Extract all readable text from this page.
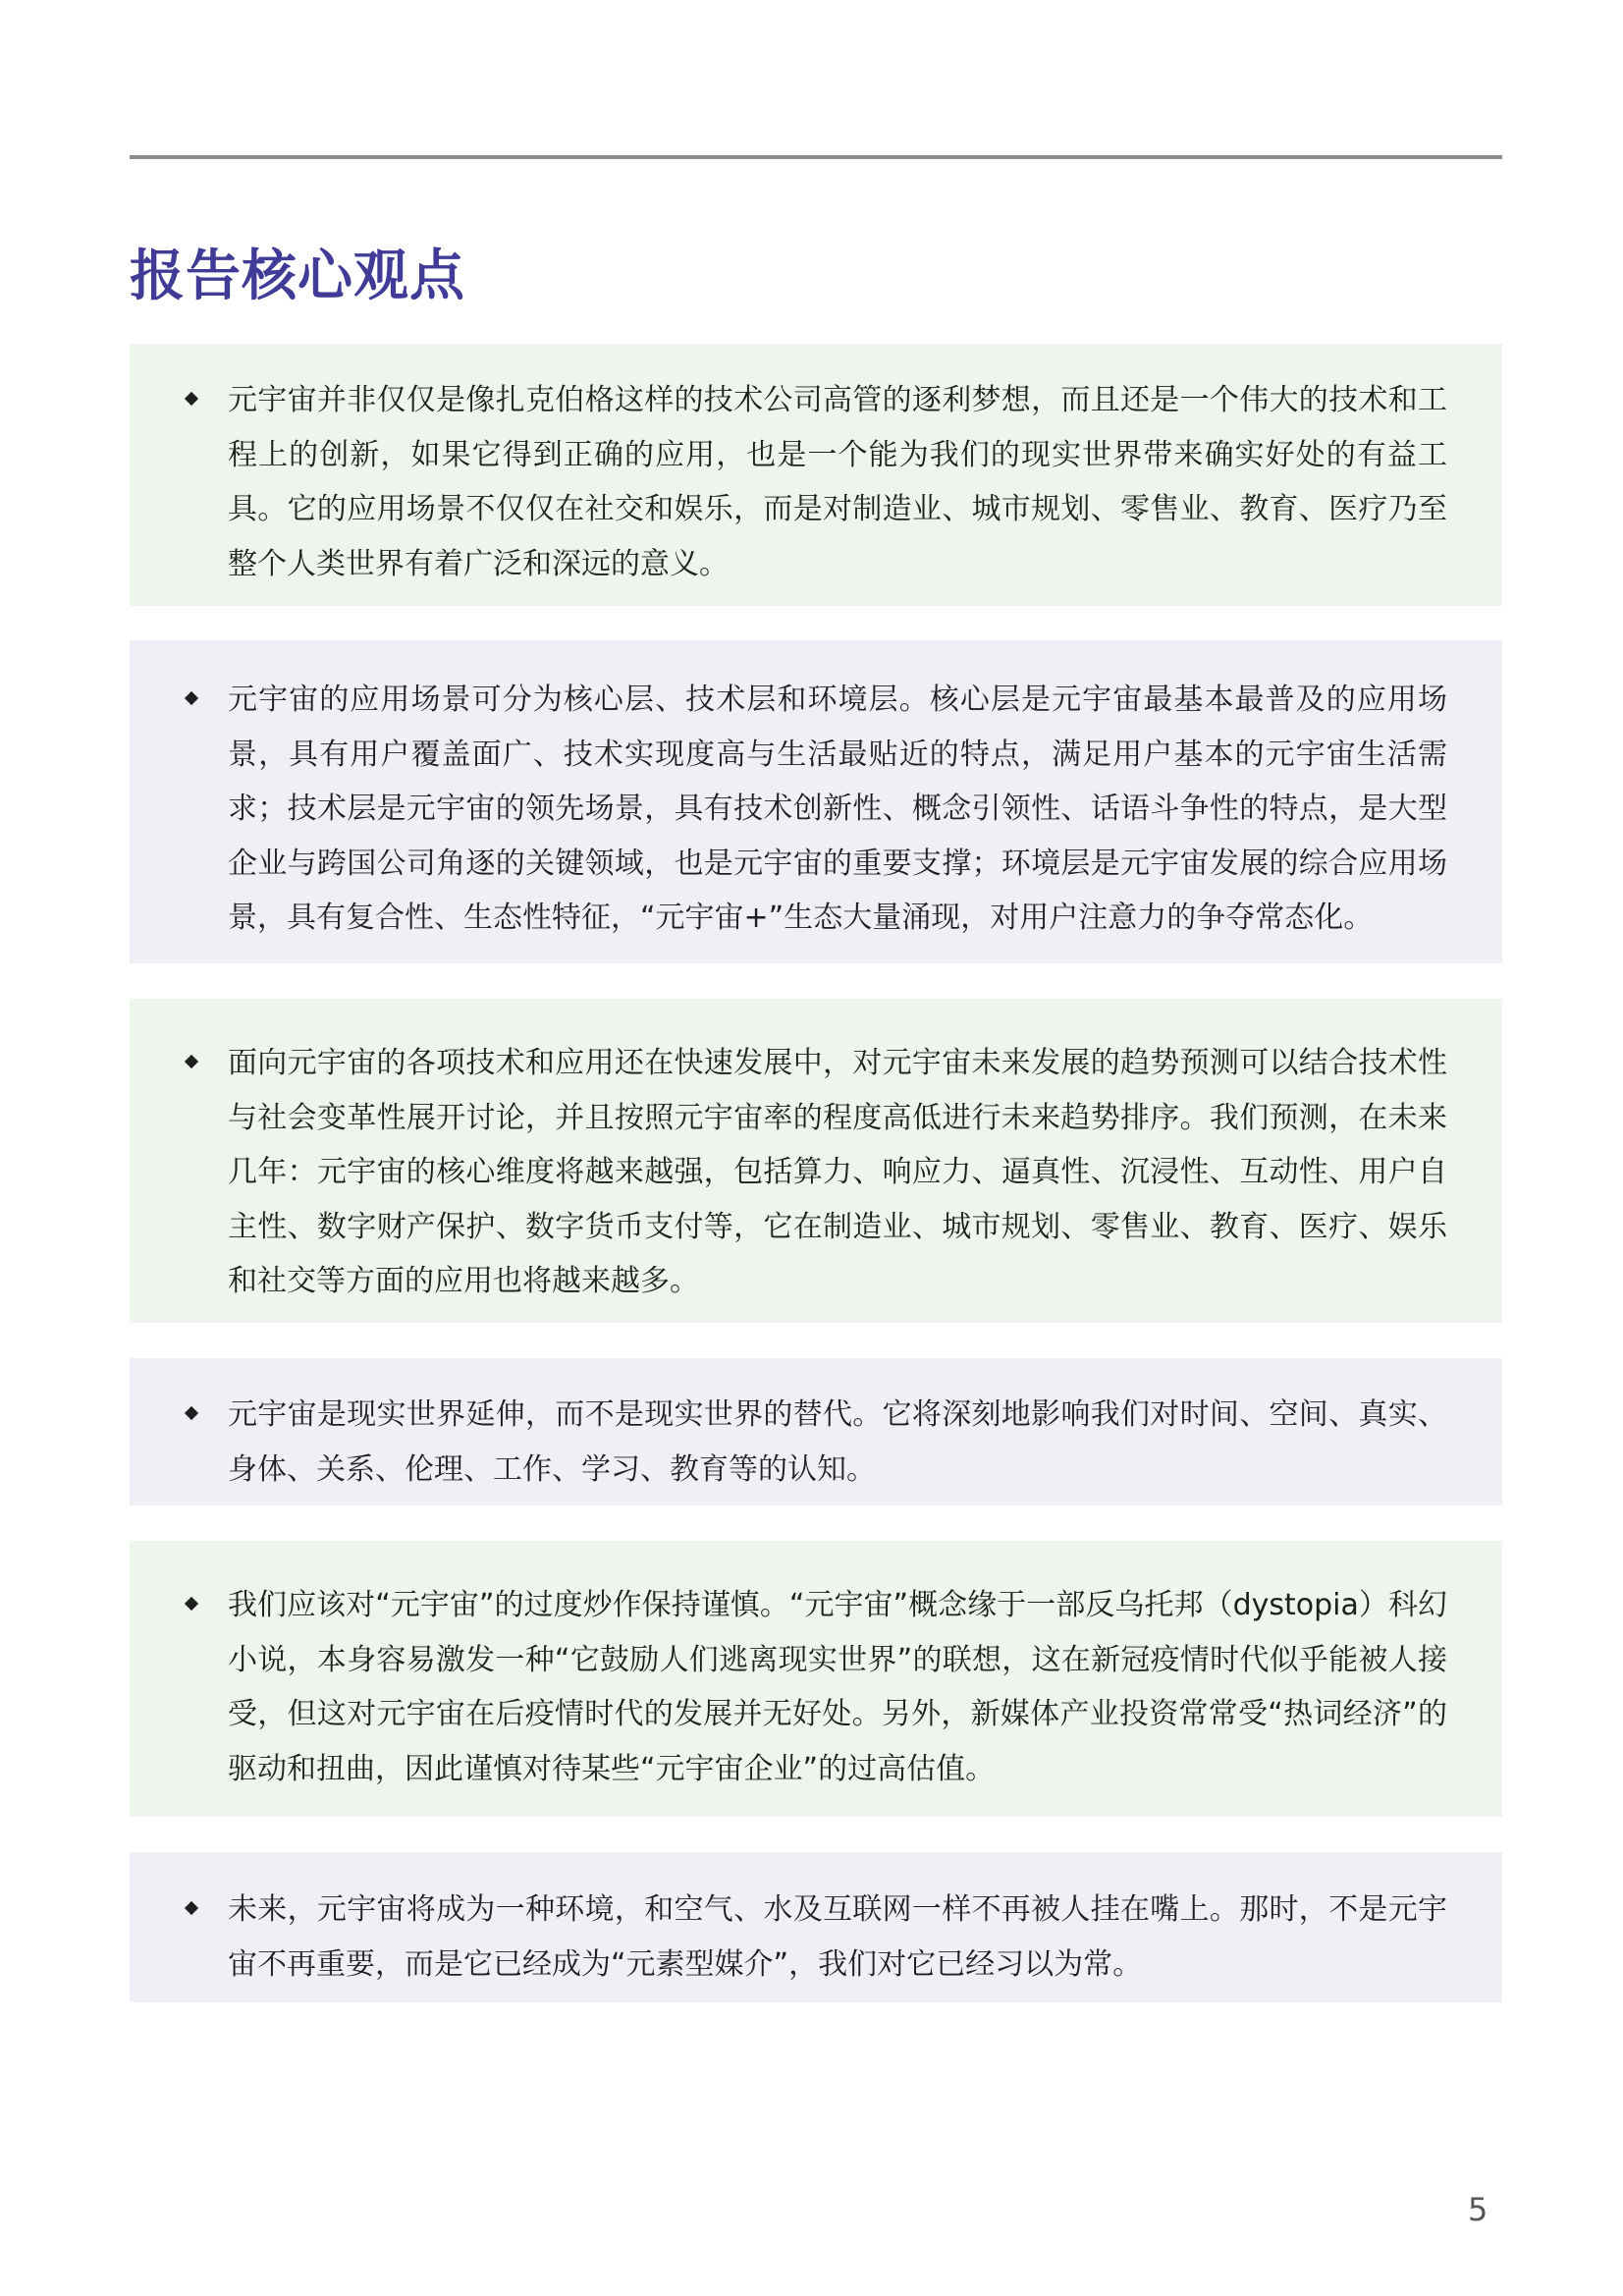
报告核心观点

元宇宙并非仅仅是像扎克伯格这样的技术公司高管的逐利梦想，而且还是一个伟大的技术和工程上的创新，如果它得到正确的应用，也是一个能为我们的现实世界带来确实好处的有益工具。它的应用场景不仅仅在社交和娱乐，而是对制造业、城市规划、零售业、教育、医疗乃至整个人类世界有着广泛和深远的意义。

元宇宙的应用场景可分为核心层、技术层和环境层。核心层是元宇宙最基本最普及的应用场景，具有用户覆盖面广、技术实现度高与生活最贴近的特点，满足用户基本的元宇宙生活需求；技术层是元宇宙的领先场景，具有技术创新性、概念引领性、话语斗争性的特点，是大型企业与跨国公司角逐的关键领域，也是元宇宙的重要支撑；环境层是元宇宙发展的综合应用场景，具有复合性、生态性特征，“元宇宙+”生态大量涌现，对用户注意力的争夺常态化。

面向元宇宙的各项技术和应用还在快速发展中，对元宇宙未来发展的趋势预测可以结合技术性与社会变革性展开讨论，并且按照元宇宙率的程度高低进行未来趋势排序。我们预测，在未来几年：元宇宙的核心维度将越来越强，包括算力、响应力、逼真性、沉浸性、互动性、用户自主性、数字财产保护、数字货币支付等，它在制造业、城市规划、零售业、教育、医疗、娱乐和社交等方面的应用也将越来越多。

元宇宙是现实世界延伸，而不是现实世界的替代。它将深刻地影响我们对时间、空间、真实、身体、关系、伦理、工作、学习、教育等的认知。

我们应该对“元宇宙”的过度炒作保持谨慎。“元宇宙”概念缘于一部反乌托邦（dystopia）科幻小说，本身容易激发一种“它鼓励人们逃离现实世界”的联想，这在新冠疫情时代似乎能被人接受，但这对元宇宙在后疫情时代的发展并无好处。另外，新媒体产业投资常常受“热词经济”的驱动和扭曲，因此谨慎对待某些“元宇宙企业”的过高估值。

未来，元宇宙将成为一种环境，和空气、水及互联网一样不再被人挂在嘴上。那时，不是元宇宙不再重要，而是它已经成为“元素型媒介”，我们对它已经习以为常。

5
